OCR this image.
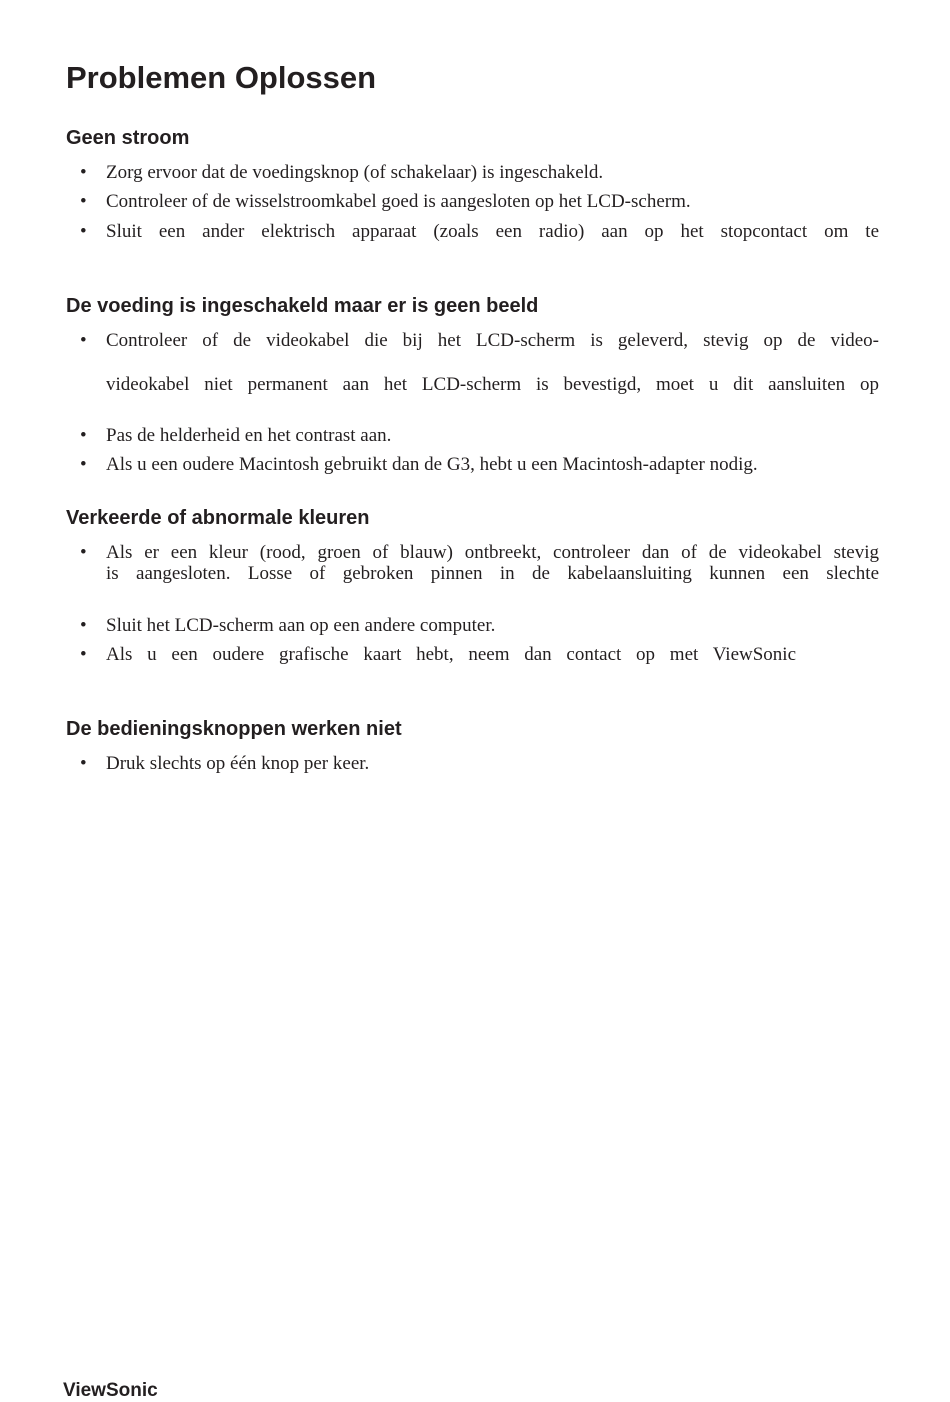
Problemen Oplossen
Geen stroom
• Zorg ervoor dat de voedingsknop (of schakelaar) is ingeschakeld.
• Controleer of de wisselstroomkabel goed is aangesloten op het LCD-scherm.
• Sluit een ander elektrisch apparaat (zoals een radio) aan op het stopcontact om te
De voeding is ingeschakeld maar er is geen beeld
• Controleer of de videokabel die bij het LCD-scherm is geleverd, stevig op de video-
videokabel niet permanent aan het LCD-scherm is bevestigd, moet u dit aansluiten op
• Pas de helderheid en het contrast aan.
• Als u een oudere Macintosh gebruikt dan de G3, hebt u een Macintosh-adapter nodig.
Verkeerde of abnormale kleuren
• Als er een kleur (rood, groen of blauw) ontbreekt, controleer dan of de videokabel stevig
is aangesloten. Losse of gebroken pinnen in de kabelaansluiting kunnen een slechte
• Sluit het LCD-scherm aan op een andere computer.
• Als u een oudere grafische kaart hebt, neem dan contact op met ViewSonic
De bedieningsknoppen werken niet
• Druk slechts op één knop per keer.
ViewSonic
